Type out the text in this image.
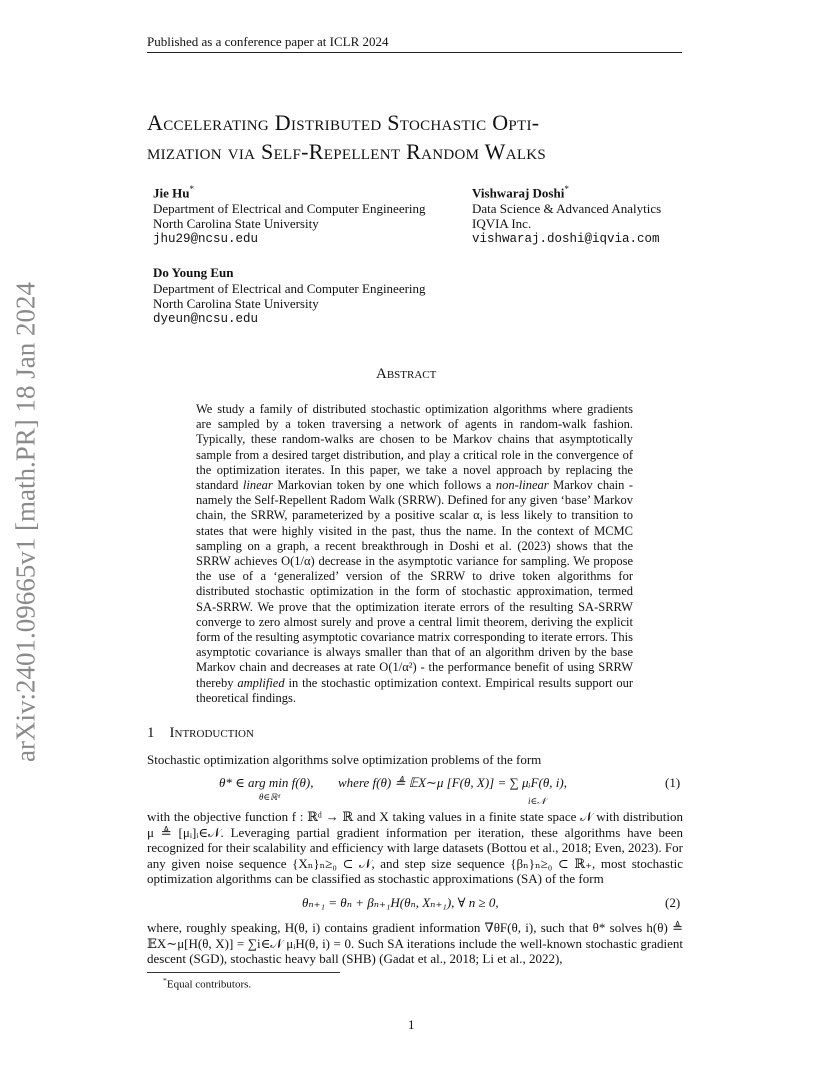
Published as a conference paper at ICLR 2024
arXiv:2401.09665v1 [math.PR] 18 Jan 2024
Accelerating Distributed Stochastic Opti-
mization via Self-Repellent Random Walks
Jie Hu*
Department of Electrical and Computer Engineering
North Carolina State University
jhu29@ncsu.edu
Vishwaraj Doshi*
Data Science & Advanced Analytics
IQVIA Inc.
vishwaraj.doshi@iqvia.com
Do Young Eun
Department of Electrical and Computer Engineering
North Carolina State University
dyeun@ncsu.edu
Abstract
We study a family of distributed stochastic optimization algorithms where gradients are sampled by a token traversing a network of agents in random-walk fashion. Typically, these random-walks are chosen to be Markov chains that asymptotically sample from a desired target distribution, and play a critical role in the convergence of the optimization iterates. In this paper, we take a novel approach by replacing the standard linear Markovian token by one which follows a non-linear Markov chain - namely the Self-Repellent Radom Walk (SRRW). Defined for any given ‘base’ Markov chain, the SRRW, parameterized by a positive scalar α, is less likely to transition to states that were highly visited in the past, thus the name. In the context of MCMC sampling on a graph, a recent breakthrough in Doshi et al. (2023) shows that the SRRW achieves O(1/α) decrease in the asymptotic variance for sampling. We propose the use of a ‘generalized’ version of the SRRW to drive token algorithms for distributed stochastic optimization in the form of stochastic approximation, termed SA-SRRW. We prove that the optimization iterate errors of the resulting SA-SRRW converge to zero almost surely and prove a central limit theorem, deriving the explicit form of the resulting asymptotic covariance matrix corresponding to iterate errors. This asymptotic covariance is always smaller than that of an algorithm driven by the base Markov chain and decreases at rate O(1/α²) - the performance benefit of using SRRW thereby amplified in the stochastic optimization context. Empirical results support our theoretical findings.
1 Introduction
Stochastic optimization algorithms solve optimization problems of the form
θ* ∈ arg min f(θ),
θ∈ℝᵈ
where f(θ) ≜ 𝔼X∼μ [F(θ, X)] = ∑ μᵢF(θ, i),
i∈𝒩
(1)
with the objective function f : ℝᵈ → ℝ and X taking values in a finite state space 𝒩 with distribution μ ≜ [μᵢ]ᵢ∈𝒩. Leveraging partial gradient information per iteration, these algorithms have been recognized for their scalability and efficiency with large datasets (Bottou et al., 2018; Even, 2023). For any given noise sequence {Xₙ}ₙ≥₀ ⊂ 𝒩, and step size sequence {βₙ}ₙ≥₀ ⊂ ℝ₊, most stochastic optimization algorithms can be classified as stochastic approximations (SA) of the form
θₙ₊₁ = θₙ + βₙ₊₁H(θₙ, Xₙ₊₁), ∀ n ≥ 0,	(2)
where, roughly speaking, H(θ, i) contains gradient information ∇θF(θ, i), such that θ* solves h(θ) ≜ 𝔼X∼μ[H(θ, X)] = ∑i∈𝒩 μᵢH(θ, i) = 0. Such SA iterations include the well-known stochastic gradient descent (SGD), stochastic heavy ball (SHB) (Gadat et al., 2018; Li et al., 2022),
*Equal contributors.
1
